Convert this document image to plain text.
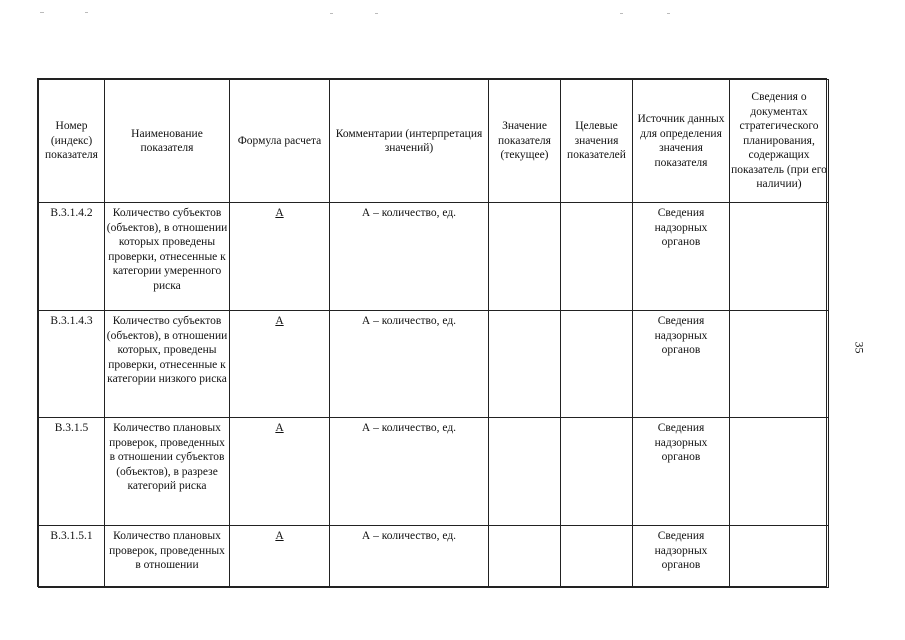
Номер (индекс) показателя	Наименование показателя	Формула расчета	Комментарии (интерпретация значений)	Значение показателя (текущее)	Целевые значения показателей	Источник данных для определения значения показателя	Сведения о документах стратегического планирования, содержащих показатель (при его наличии)
В.3.1.4.2	Количество субъектов (объектов), в отношении которых проведены проверки, отнесенные к категории умеренного риска	А	А – количество, ед.			Сведения надзорных органов	
В.3.1.4.3	Количество субъектов (объектов), в отношении которых, проведены проверки, отнесенные к категории низкого риска	А	А – количество, ед.			Сведения надзорных органов	
В.3.1.5	Количество плановых проверок, проведенных в отношении субъектов (объектов), в разрезе категорий риска	А	А – количество, ед.			Сведения надзорных органов	
В.3.1.5.1	Количество плановых проверок, проведенных в отношении	А	А – количество, ед.			Сведения надзорных органов	
35
